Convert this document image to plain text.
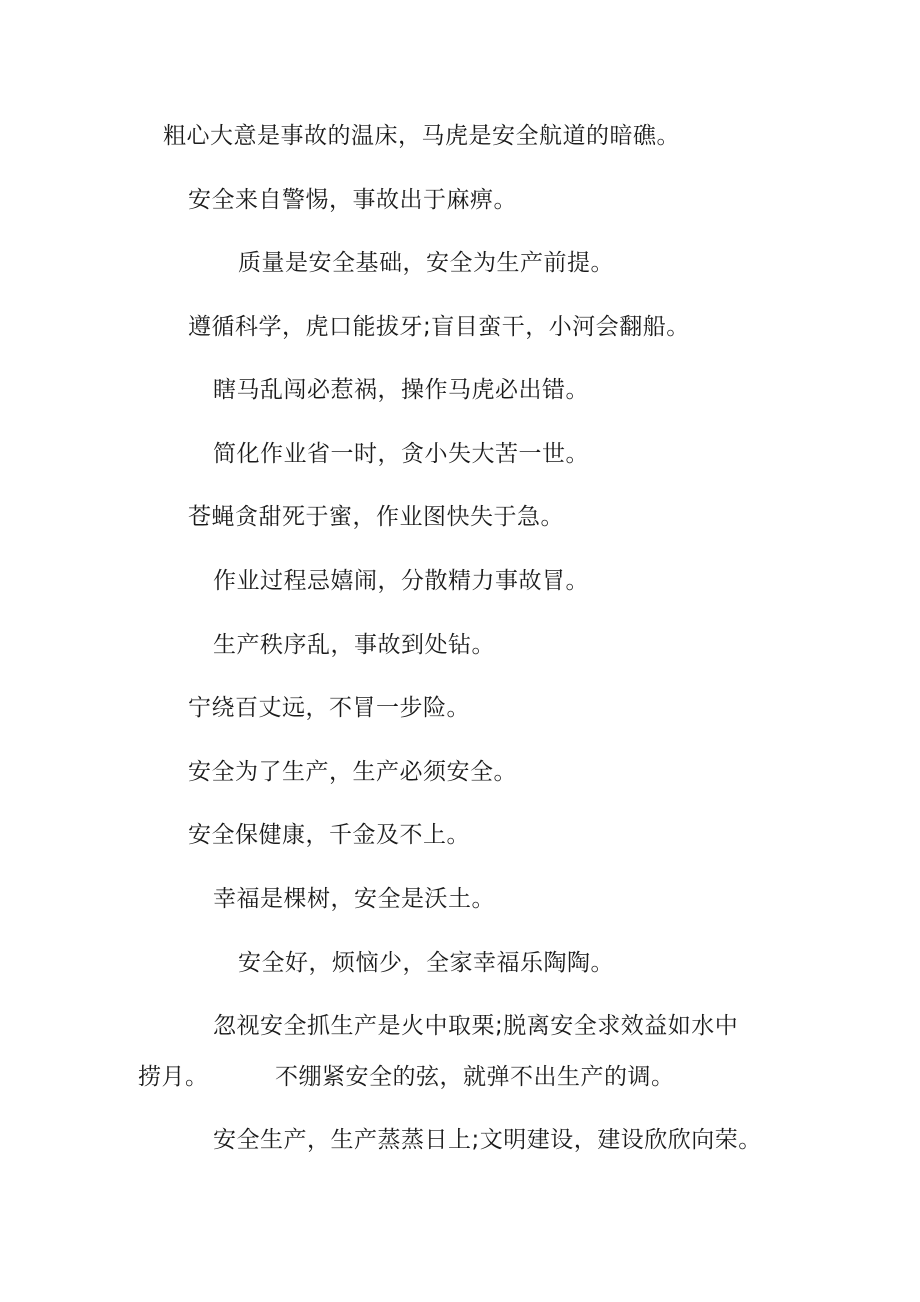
粗心大意是事故的温床，马虎是安全航道的暗礁。
安全来自警惕，事故出于麻痹。
质量是安全基础，安全为生产前提。
遵循科学，虎口能拔牙;盲目蛮干，小河会翻船。
瞎马乱闯必惹祸，操作马虎必出错。
简化作业省一时，贪小失大苦一世。
苍蝇贪甜死于蜜，作业图快失于急。
作业过程忌嬉闹，分散精力事故冒。
生产秩序乱，事故到处钻。
宁绕百丈远，不冒一步险。
安全为了生产，生产必须安全。
安全保健康，千金及不上。
幸福是棵树，安全是沃土。
安全好，烦恼少，全家幸福乐陶陶。
忽视安全抓生产是火中取栗;脱离安全求效益如水中
捞月。	不绷紧安全的弦，就弹不出生产的调。
安全生产，生产蒸蒸日上;文明建设，建设欣欣向荣。
